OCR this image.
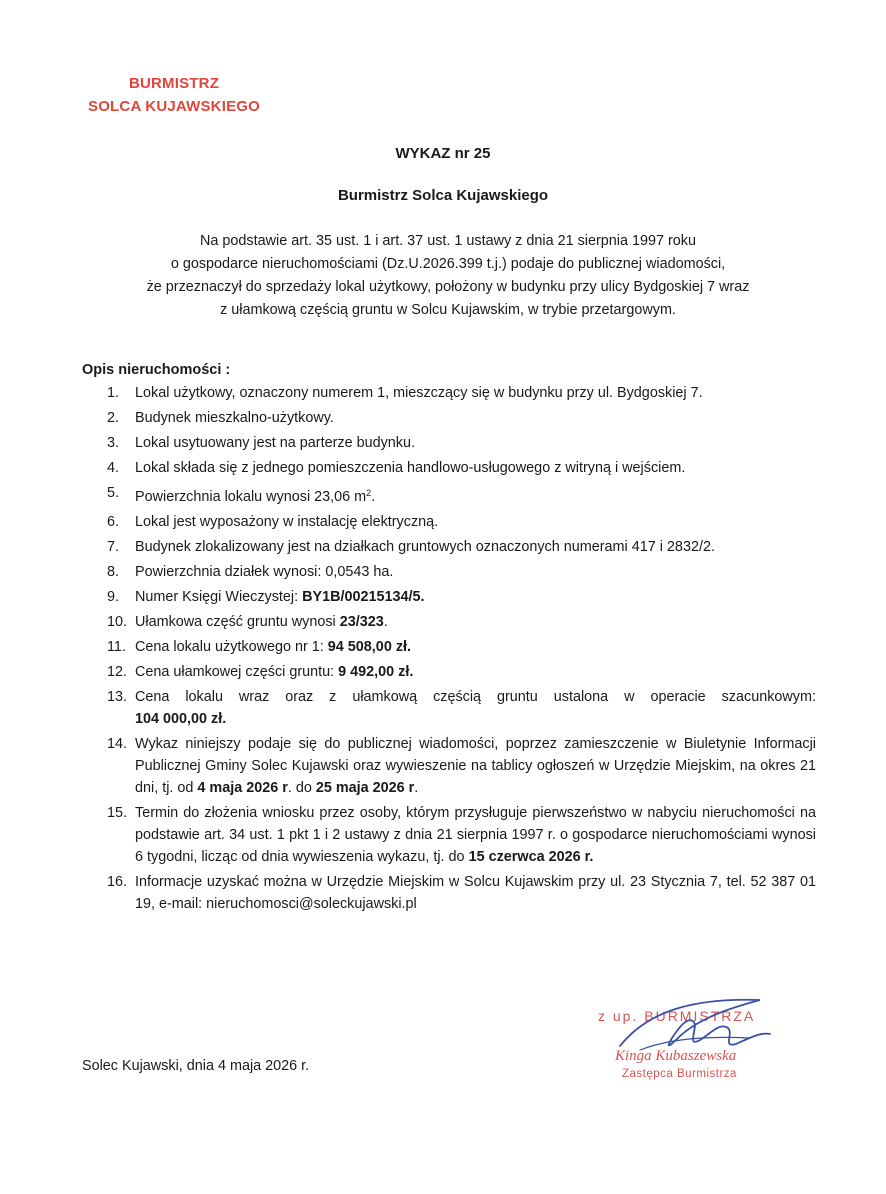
BURMISTRZ
SOLCA KUJAWSKIEGO
WYKAZ nr 25
Burmistrz Solca Kujawskiego
Na podstawie art. 35 ust. 1 i art. 37 ust. 1 ustawy z dnia 21 sierpnia 1997 roku
o gospodarce nieruchomościami (Dz.U.2026.399 t.j.) podaje do publicznej wiadomości,
że przeznaczył do sprzedaży lokal użytkowy, położony w budynku przy ulicy Bydgoskiej 7 wraz
z ułamkową częścią gruntu w Solcu Kujawskim, w trybie przetargowym.
Opis nieruchomości :
1. Lokal użytkowy, oznaczony numerem 1, mieszczący się w budynku przy ul. Bydgoskiej 7.
2. Budynek mieszkalno-użytkowy.
3. Lokal usytuowany jest na parterze budynku.
4. Lokal składa się z jednego pomieszczenia handlowo-usługowego z witryną i wejściem.
5. Powierzchnia lokalu wynosi 23,06 $m^2$.
6. Lokal jest wyposażony w instalację elektryczną.
7. Budynek zlokalizowany jest na działkach gruntowych oznaczonych numerami 417 i 2832/2.
8. Powierzchnia działek wynosi: 0,0543 ha.
9. Numer Księgi Wieczystej: BY1B/00215134/5.
10. Ułamkowa część gruntu wynosi 23/323.
11. Cena lokalu użytkowego nr 1: 94 508,00 zł.
12. Cena ułamkowej części gruntu: 9 492,00 zł.
13. Cena lokalu wraz oraz z ułamkową częścią gruntu ustalona w operacie szacunkowym:
104 000,00 zł.
14. Wykaz niniejszy podaje się do publicznej wiadomości, poprzez zamieszczenie w Biuletynie Informacji Publicznej Gminy Solec Kujawski oraz wywieszenie na tablicy ogłoszeń w Urzędzie Miejskim, na okres 21 dni, tj. od 4 maja 2026 r. do 25 maja 2026 r.
15. Termin do złożenia wniosku przez osoby, którym przysługuje pierwszeństwo w nabyciu nieruchomości na podstawie art. 34 ust. 1 pkt 1 i 2 ustawy z dnia 21 sierpnia 1997 r. o gospodarce nieruchomościami wynosi 6 tygodni, licząc od dnia wywieszenia wykazu, tj. do 15 czerwca 2026 r.
16. Informacje uzyskać można w Urzędzie Miejskim w Solcu Kujawskim przy ul. 23 Stycznia 7, tel. 52 387 01 19, e-mail: nieruchomosci@soleckujawski.pl
Solec Kujawski, dnia 4 maja 2026 r.
z up. BURMISTRZA
Kinga Kubaszewska
Zastępca Burmistrza
